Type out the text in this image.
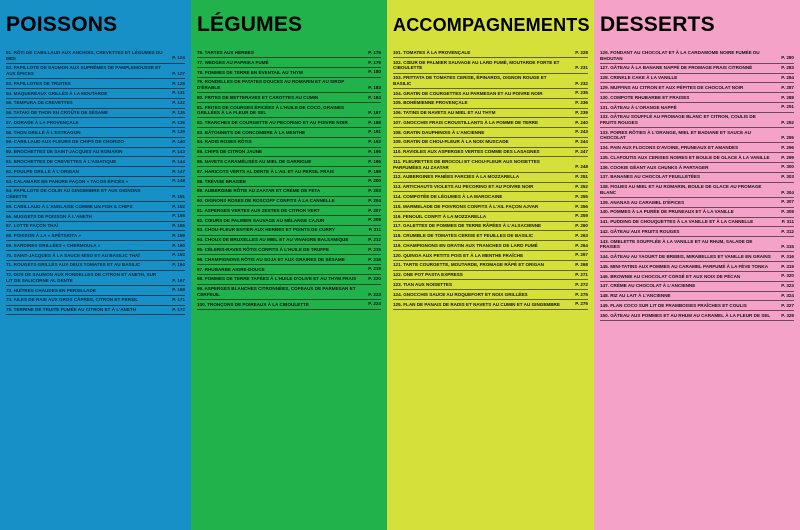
POISSONS
51. RÔTI DE CABILLAUD AUX ANCHOIS, CREVETTES ET LÉGUMES DU MIDI	P. 124
52. PAPILLOTE DE SAUMON AUX SUPRÊMES DE PAMPLEMOUSSE ET AUX ÉPICES	P. 127
53. PAPILLOTES DE TRUITES	P. 128
54. MAQUEREAUX GRILLÉS À LA MOUTARDE	P. 131
55. TEMPURA DE CREVETTES	P. 132
56. TATAKI DE THON EN CROÛTE DE SÉSAME	P. 135
57. DORADE À LA PROVENÇALE	P. 136
58. THON GRILLÉ À L'ESTRAGON	P. 139
59. CABILLAUD AUX FLEURS DE CHIPS DE CHORIZO	P. 140
60. BROCHETTES DE SAINT-JACQUES AU ROMARIN	P. 143
61. BROCHETTES DE CREVETTES À L'ASIATIQUE	P. 144
62. POULPE GRILLÉ À L'ORIGAN	P. 147
63. CALAMARS EN PANURE FAÇON « TACOS ÉPICÉS »	P. 148
64. PAPILLOTE DE COLIN AU GINGEMBRE ET AUX OIGNONS CÉBETTE	P. 151
65. CABILLAUD À L'ANGLAISE COMME UN FISH & CHIPS	P. 152
66. NUGGETS DE POISSON À L'ANETH	P. 155
67. LOTTE FAÇON THAÏ	P. 156
68. POISSON À LA « SPÉTSIOTA »	P. 159
69. SARDINES GRILLÉES « CHERMOULA »	P. 160
70. SAINT-JACQUES À LA SAUCE MISO ET AU BASILIC THAÏ	P. 163
71. ROUGETS GRILLÉS AUX DEUX TOMATES ET AU BASILIC	P. 164
72. DOS DE SAUMON AUX RONDELLES DE CITRON ET ANETH, SUR LIT DE SALICORNE AL DENTE	P. 167
73. HUÎTRES CHAUDES EN PERSILLADE	P. 168
74. AILES DE RAIE AUX GROS CÂPRES, CITRON ET PERSIL	P. 171
75. TERRINE DE TRUITE FUMÉE AU CITRON ET À L'ANETH	P. 172
LÉGUMES
76. TARTES AUX HERBES	P. 176
77. WEDGES AU PAPRIKA FUMÉ	P. 179
78. POMMES DE TERRE EN ÉVENTAIL AU THYM	P. 180
79. RONDELLES DE PATATES DOUCES AU ROMARIN ET AU SIROP D'ÉRABLE	P. 183
80. FRITES DE BETTERAVES ET CAROTTES AU CUMIN	P. 184
81. FRITES DE COURGES ÉPICÉES À L'HUILE DE COCO, GRAINES GRILLÉES À LA FLEUR DE SEL	P. 187
82. TRANCHES DE COURGETTE AU PECORINO ET AU POIVRE NOIR	P. 188
83. BÂTONNETS DE CONCOMBRE À LA MENTHE	P. 191
84. RADIS ROSES RÔTIS	P. 192
85. CHIPS DE CITRON JAUNE	P. 195
86. NAVETS CARAMÉLISÉS AU MIEL DE GARRIGUE	P. 196
87. HARICOTS VERTS AL DENTE À L'AIL ET AU PERSIL FRAIS	P. 199
88. TRÉVISE BRAISÉE	P. 200
89. AUBERGINE RÔTIE AU ZAATAR ET CRÈME DE FETA	P. 203
90. OIGNONS ROSES DE ROSCOFF CONFITS À LA CANNELLE	P. 204
91. ASPERGES VERTES AUX ZESTES DE CITRON VERT	P. 207
92. CŒURS DE PALMIER SAUVAGE AU MÉLANGE CAJUN	P. 208
93. CHOU-FLEUR ENTIER AUX HERBES ET POINTS DE CURRY	P. 211
94. CHOUX DE BRUXELLES AU MIEL ET AU VINAIGRE BALSAMIQUE	P. 212
95. CÉLERIS-RAVES RÔTIS CONFITS À L'HUILE DE TRUFFE	P. 215
96. CHAMPIGNONS RÔTIS AU SOJA ET AUX GRAINES DE SÉSAME	P. 216
97. RHUBARBE AIGRE-DOUCE	P. 219
98. POMMES DE TERRE TAPÉES À L'HUILE D'OLIVE ET AU THYM FRAIS	P. 220
99. ASPERGES BLANCHES CITRONNÉES, COPEAUX DE PARMESAN ET CERFEUIL	P. 223
100. TRONÇONS DE POIREAUX À LA CIBOULETTE	P. 224
ACCOMPAGNEMENTS
101. TOMATES À LA PROVENÇALE	P. 228
102. CŒUR DE PALMIER SAUVAGE AU LARD FUMÉ, MOUTARDE FORTE ET CIBOULETTE	P. 231
103. FRITTATA DE TOMATES CERISE, ÉPINARDS, OIGNON ROUGE ET BASILIC	P. 232
104. GRATIN DE COURGETTES AU PARMESAN ET AU POIVRE NOIR	P. 235
105. BOHÉMIENNE PROVENÇALE	P. 236
106. TATINS DE NAVETS AU MIEL ET AU THYM	P. 239
107. GNOCCHIS FRAIS CROUSTILLANTS À LA POMME DE TERRE	P. 240
108. GRATIN DAUPHINOIS À L'ANCIENNE	P. 243
109. GRATIN DE CHOU-FLEUR À LA NOIX MUSCADE	P. 244
110. RAVIOLES AUX ASPERGES VERTES COMME DES LASAGNES	P. 247
111. FLEURETTES DE BROCOLI ET CHOU-FLEUR AUX NOISETTES PARFUMÉES AU ZAATAR	P. 248
112. AUBERGINES PANÉES FARCIES À LA MOZZARELLA	P. 251
113. ARTICHAUTS VIOLETS AU PECORINO ET AU POIVRE NOIR	P. 252
114. COMPOTÉE DE LÉGUMES À LA MAROCAINE	P. 255
115. MARMELADE DE POIVRONS CONFITS À L'AIL FAÇON AJVAR	P. 256
116. FENOUIL CONFIT À LA MOZZARELLA	P. 259
117. GALETTES DE POMMES DE TERRE RÂPÉES À L'ALSACIENNE	P. 260
118. CRUMBLE DE TOMATES CERISE ET FEUILLES DE BASILIC	P. 263
119. CHAMPIGNONS EN GRATIN AUX TRANCHES DE LARD FUMÉ	P. 264
120. QUINOA AUX PETITS POIS ET À LA MENTHE FRAÎCHE	P. 267
121. TARTE COURGETTE, MOUTARDE, FROMAGE RÂPÉ ET ORIGAN	P. 268
122. ONE POT PASTA EXPRESS	P. 271
123. TIAN AUX NOISETTES	P. 272
124. GNOCCHIS SAUCE AU ROQUEFORT ET NOIX GRILLÉES	P. 275
125. FLAN DE PANAIS DE RADIS ET NAVETS AU CUMIN ET AU GINGEMBRE	P. 276
DESSERTS
126. FONDANT AU CHOCOLAT ET À LA CARDAMOME NOIRE FUMÉE DU BHOUTAN	P. 280
127. GÂTEAU À LA BANANE NAPPÉ DE FROMAGE FRAIS CITRONNÉ	P. 283
128. CRINKLE CAKE À LA VANILLE	P. 284
129. MUFFINS AU CITRON ET AUX PÉPITES DE CHOCOLAT NOIR	P. 287
130. COMPOTE RHUBARBE ET FRAISES	P. 288
131. GÂTEAU À L'ORANGE NAPPÉ	P. 291
132. GÂTEAU SOUFFLÉ AU FROMAGE BLANC ET CITRON, COULIS DE FRUITS ROUGES	P. 292
133. POIRES RÔTIES À L'ORANGE, MIEL ET BADIANE ET SAUCE AU CHOCOLAT	P. 295
134. PAIN AUX FLOCONS D'AVOINE, PRUNEAUX ET AMANDES	P. 296
135. CLAFOUTIS AUX CERISES NOIRES ET BOULE DE GLACE À LA VANILLE	P. 299
136. COOKIE GÉANT AUX CHUNKS À PARTAGER	P. 300
137. BANANES AU CHOCOLAT FEUILLETÉES	P. 303
138. FIGUES AU MIEL ET AU ROMARIN, BOULE DE GLACE AU FROMAGE BLANC	P. 304
139. ANANAS AU CARAMEL D'ÉPICES	P. 307
140. POMMES À LA PURÉE DE PRUNEAUX ET À LA VANILLE	P. 308
141. PUDDING DE CHOUQUETTES À LA VANILLE ET À LA CANNELLE	P. 311
142. GÂTEAU AUX FRUITS ROUGES	P. 312
143. OMELETTE SOUFFLÉE À LA VANILLE ET AU RHUM, SALADE DE FRAISES	P. 315
144. GÂTEAU AU YAOURT DE BREBIS, MIRABELLES ET VANILLE EN GRAINS	P. 316
145. MINI-TATINS AUX POMMES AU CARAMEL PARFUMÉ À LA FÈVE TONKA	P. 319
146. BROWNIE AU CHOCOLAT CORSÉ ET AUX NOIX DE PÉCAN	P. 320
147. CRÈME AU CHOCOLAT À L'ANCIENNE	P. 323
148. RIZ AU LAIT À L'ANCIENNE	P. 324
149. FLAN COCO SUR LIT DE FRAMBOISES FRAÎCHES ET COULIS	P. 327
150. GÂTEAU AUX POMMES ET AU RHUM AU CARAMEL À LA FLEUR DE SEL	P. 328
